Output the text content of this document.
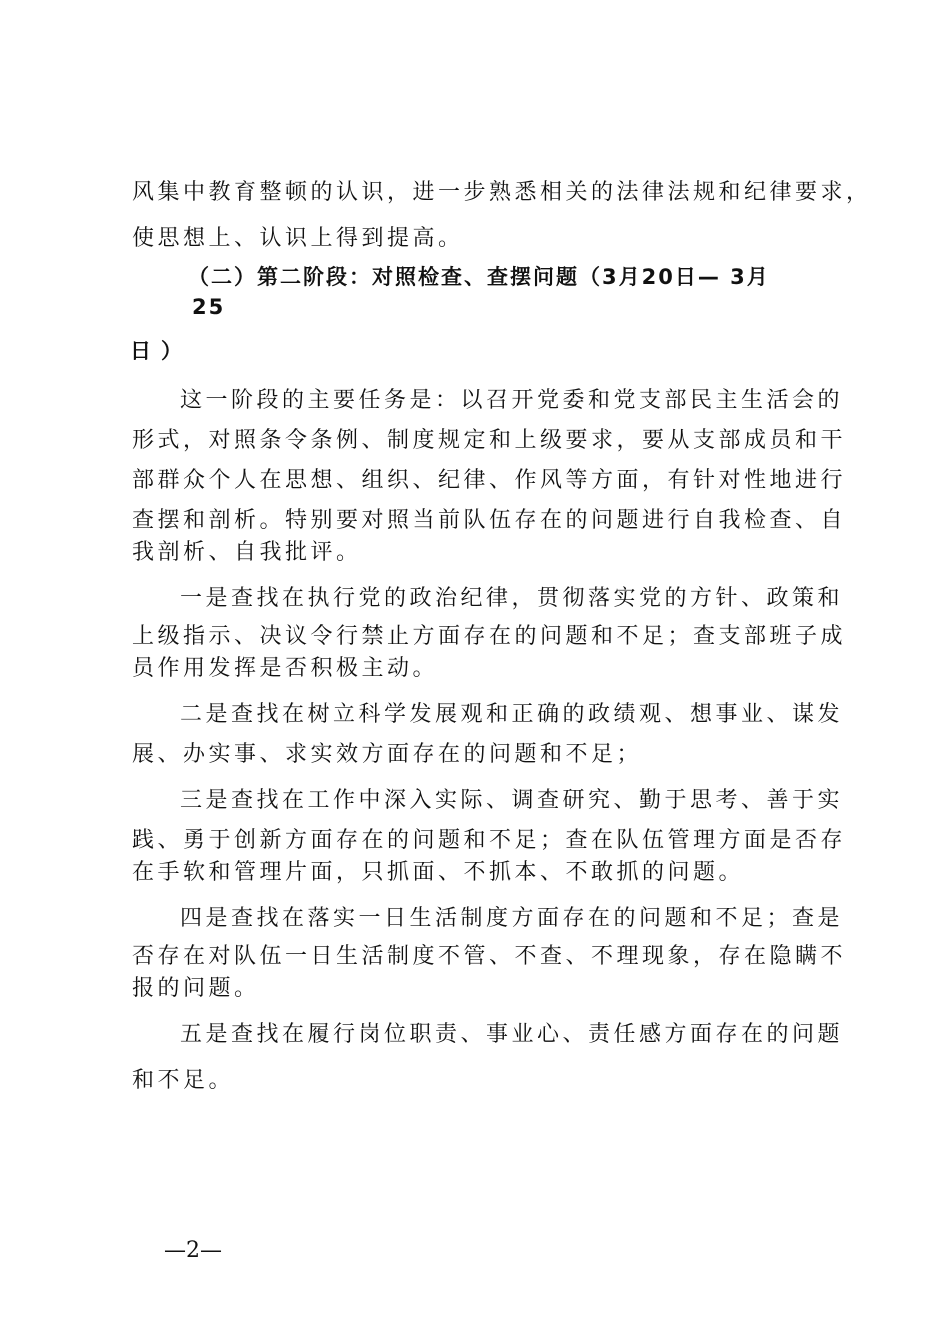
风集中教育整顿的认识，进一步熟悉相关的法律法规和纪律要求，
使思想上、认识上得到提高。
（二）第二阶段：对照检查、查摆问题（3月20日— 3月
25
日）
这一阶段的主要任务是：以召开党委和党支部民主生活会的
形式，对照条令条例、制度规定和上级要求，要从支部成员和干
部群众个人在思想、组织、纪律、作风等方面，有针对性地进行
查摆和剖析。特别要对照当前队伍存在的问题进行自我检查、自
我剖析、自我批评。
一是查找在执行党的政治纪律，贯彻落实党的方针、政策和
上级指示、决议令行禁止方面存在的问题和不足；查支部班子成
员作用发挥是否积极主动。
二是查找在树立科学发展观和正确的政绩观、想事业、谋发
展、办实事、求实效方面存在的问题和不足；
三是查找在工作中深入实际、调查研究、勤于思考、善于实
践、勇于创新方面存在的问题和不足；查在队伍管理方面是否存
在手软和管理片面，只抓面、不抓本、不敢抓的问题。
四是查找在落实一日生活制度方面存在的问题和不足；查是
否存在对队伍一日生活制度不管、不查、不理现象，存在隐瞒不
报的问题。
五是查找在履行岗位职责、事业心、责任感方面存在的问题
和不足。
—2—
